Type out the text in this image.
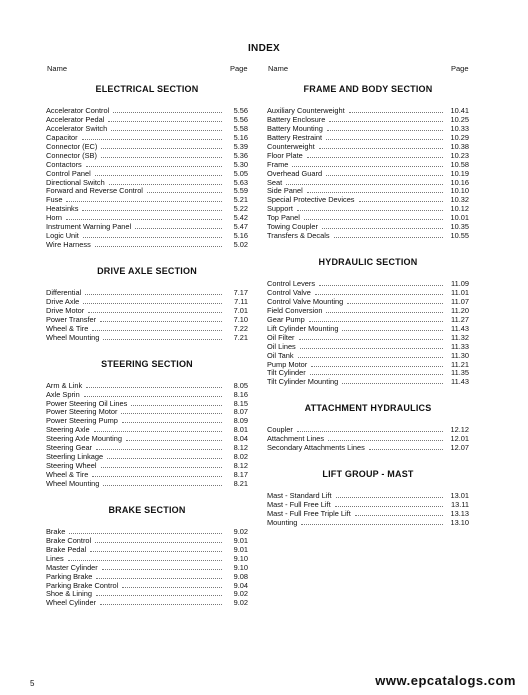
INDEX
Name	Page	Name	Page
ELECTRICAL SECTION
Accelerator Control	5.56
Accelerator Pedal	5.56
Accelerator Switch	5.58
Capacitor	5.16
Connector (EC)	5.39
Connector (SB)	5.36
Contactors	5.30
Control Panel	5.05
Directional Switch	5.63
Forward and Reverse Control	5.59
Fuse	5.21
Heatsinks	5.22
Horn	5.42
Instrument Warning Panel	5.47
Logic Unit	5.16
Wire Harness	5.02
DRIVE AXLE SECTION
Differential	7.17
Drive Axle	7.11
Drive Motor	7.01
Power Transfer	7.10
Wheel & Tire	7.22
Wheel Mounting	7.21
STEERING SECTION
Arm & Link	8.05
Axle Sprin	8.16
Power Steering Oil Lines	8.15
Power Steering Motor	8.07
Power Steering Pump	8.09
Steering Axle	8.01
Steering Axle Mounting	8.04
Steering Gear	8.12
Steerling Linkage	8.02
Steering Wheel	8.12
Wheel & Tire	8.17
Wheel Mounting	8.21
BRAKE SECTION
Brake	9.02
Brake Control	9.01
Brake Pedal	9.01
Lines	9.10
Master Cylinder	9.10
Parking Brake	9.08
Parking Brake Control	9.04
Shoe & Lining	9.02
Wheel Cylinder	9.02
FRAME AND BODY SECTION
Auxiliary Counterweight	10.41
Battery Enclosure	10.25
Battery Mounting	10.33
Battery Restraint	10.29
Counterweight	10.38
Floor Plate	10.23
Frame	10.58
Overhead Guard	10.19
Seat	10.16
Side Panel	10.10
Special Protective Devices	10.32
Support	10.12
Top Panel	10.01
Towing Coupler	10.35
Transfers & Decals	10.55
HYDRAULIC SECTION
Control Levers	11.09
Control Valve	11.01
Control Valve Mounting	11.07
Field Conversion	11.20
Gear Pump	11.27
Lift Cylinder Mounting	11.43
Oil Filter	11.32
Oil Lines	11.33
Oil Tank	11.30
Pump Motor	11.21
Tilt Cylinder	11.35
Tilt Cylinder Mounting	11.43
ATTACHMENT HYDRAULICS
Coupler	12.12
Attachment Lines	12.01
Secondary Attachments Lines	12.07
LIFT GROUP - MAST
Mast - Standard Lift	13.01
Mast - Full Free Lift	13.11
Mast - Full Free Triple Lift	13.13
Mounting	13.10
5	www.epcatalogs.com
